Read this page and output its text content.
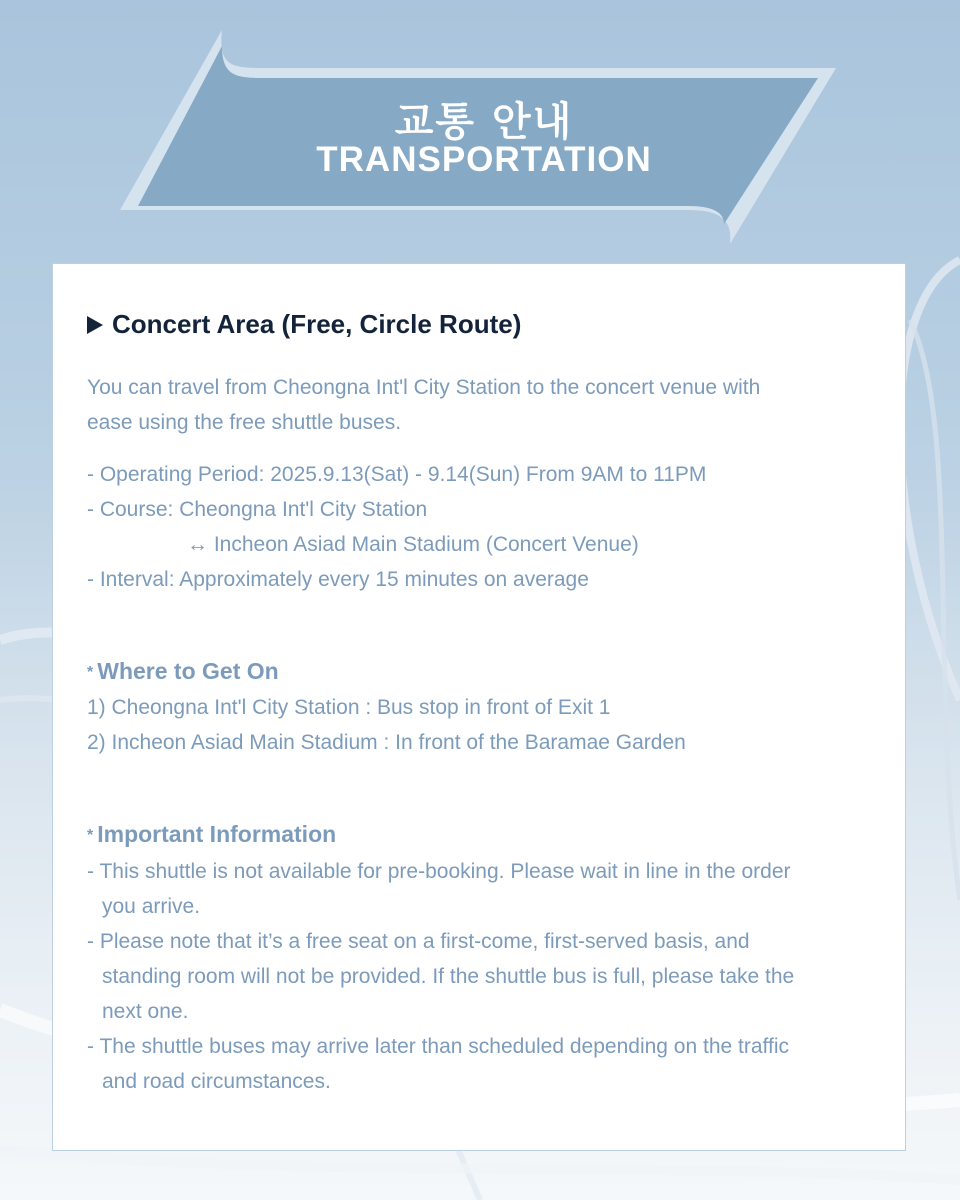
교통 안내
TRANSPORTATION
Concert Area (Free, Circle Route)
You can travel from Cheongna Int'l City Station to the concert venue with
ease using the free shuttle buses.
- Operating Period: 2025.9.13(Sat) - 9.14(Sun) From 9AM to 11PM
- Course: Cheongna Int'l City Station
↔ Incheon Asiad Main Stadium (Concert Venue)
- Interval: Approximately every 15 minutes on average
* Where to Get On
1) Cheongna Int'l City Station : Bus stop in front of Exit 1
2) Incheon Asiad Main Stadium : In front of the Baramae Garden
* Important Information
- This shuttle is not available for pre-booking. Please wait in line in the order
you arrive.
- Please note that it’s a free seat on a first-come, first-served basis, and
standing room will not be provided. If the shuttle bus is full, please take the
next one.
- The shuttle buses may arrive later than scheduled depending on the traffic
and road circumstances.
